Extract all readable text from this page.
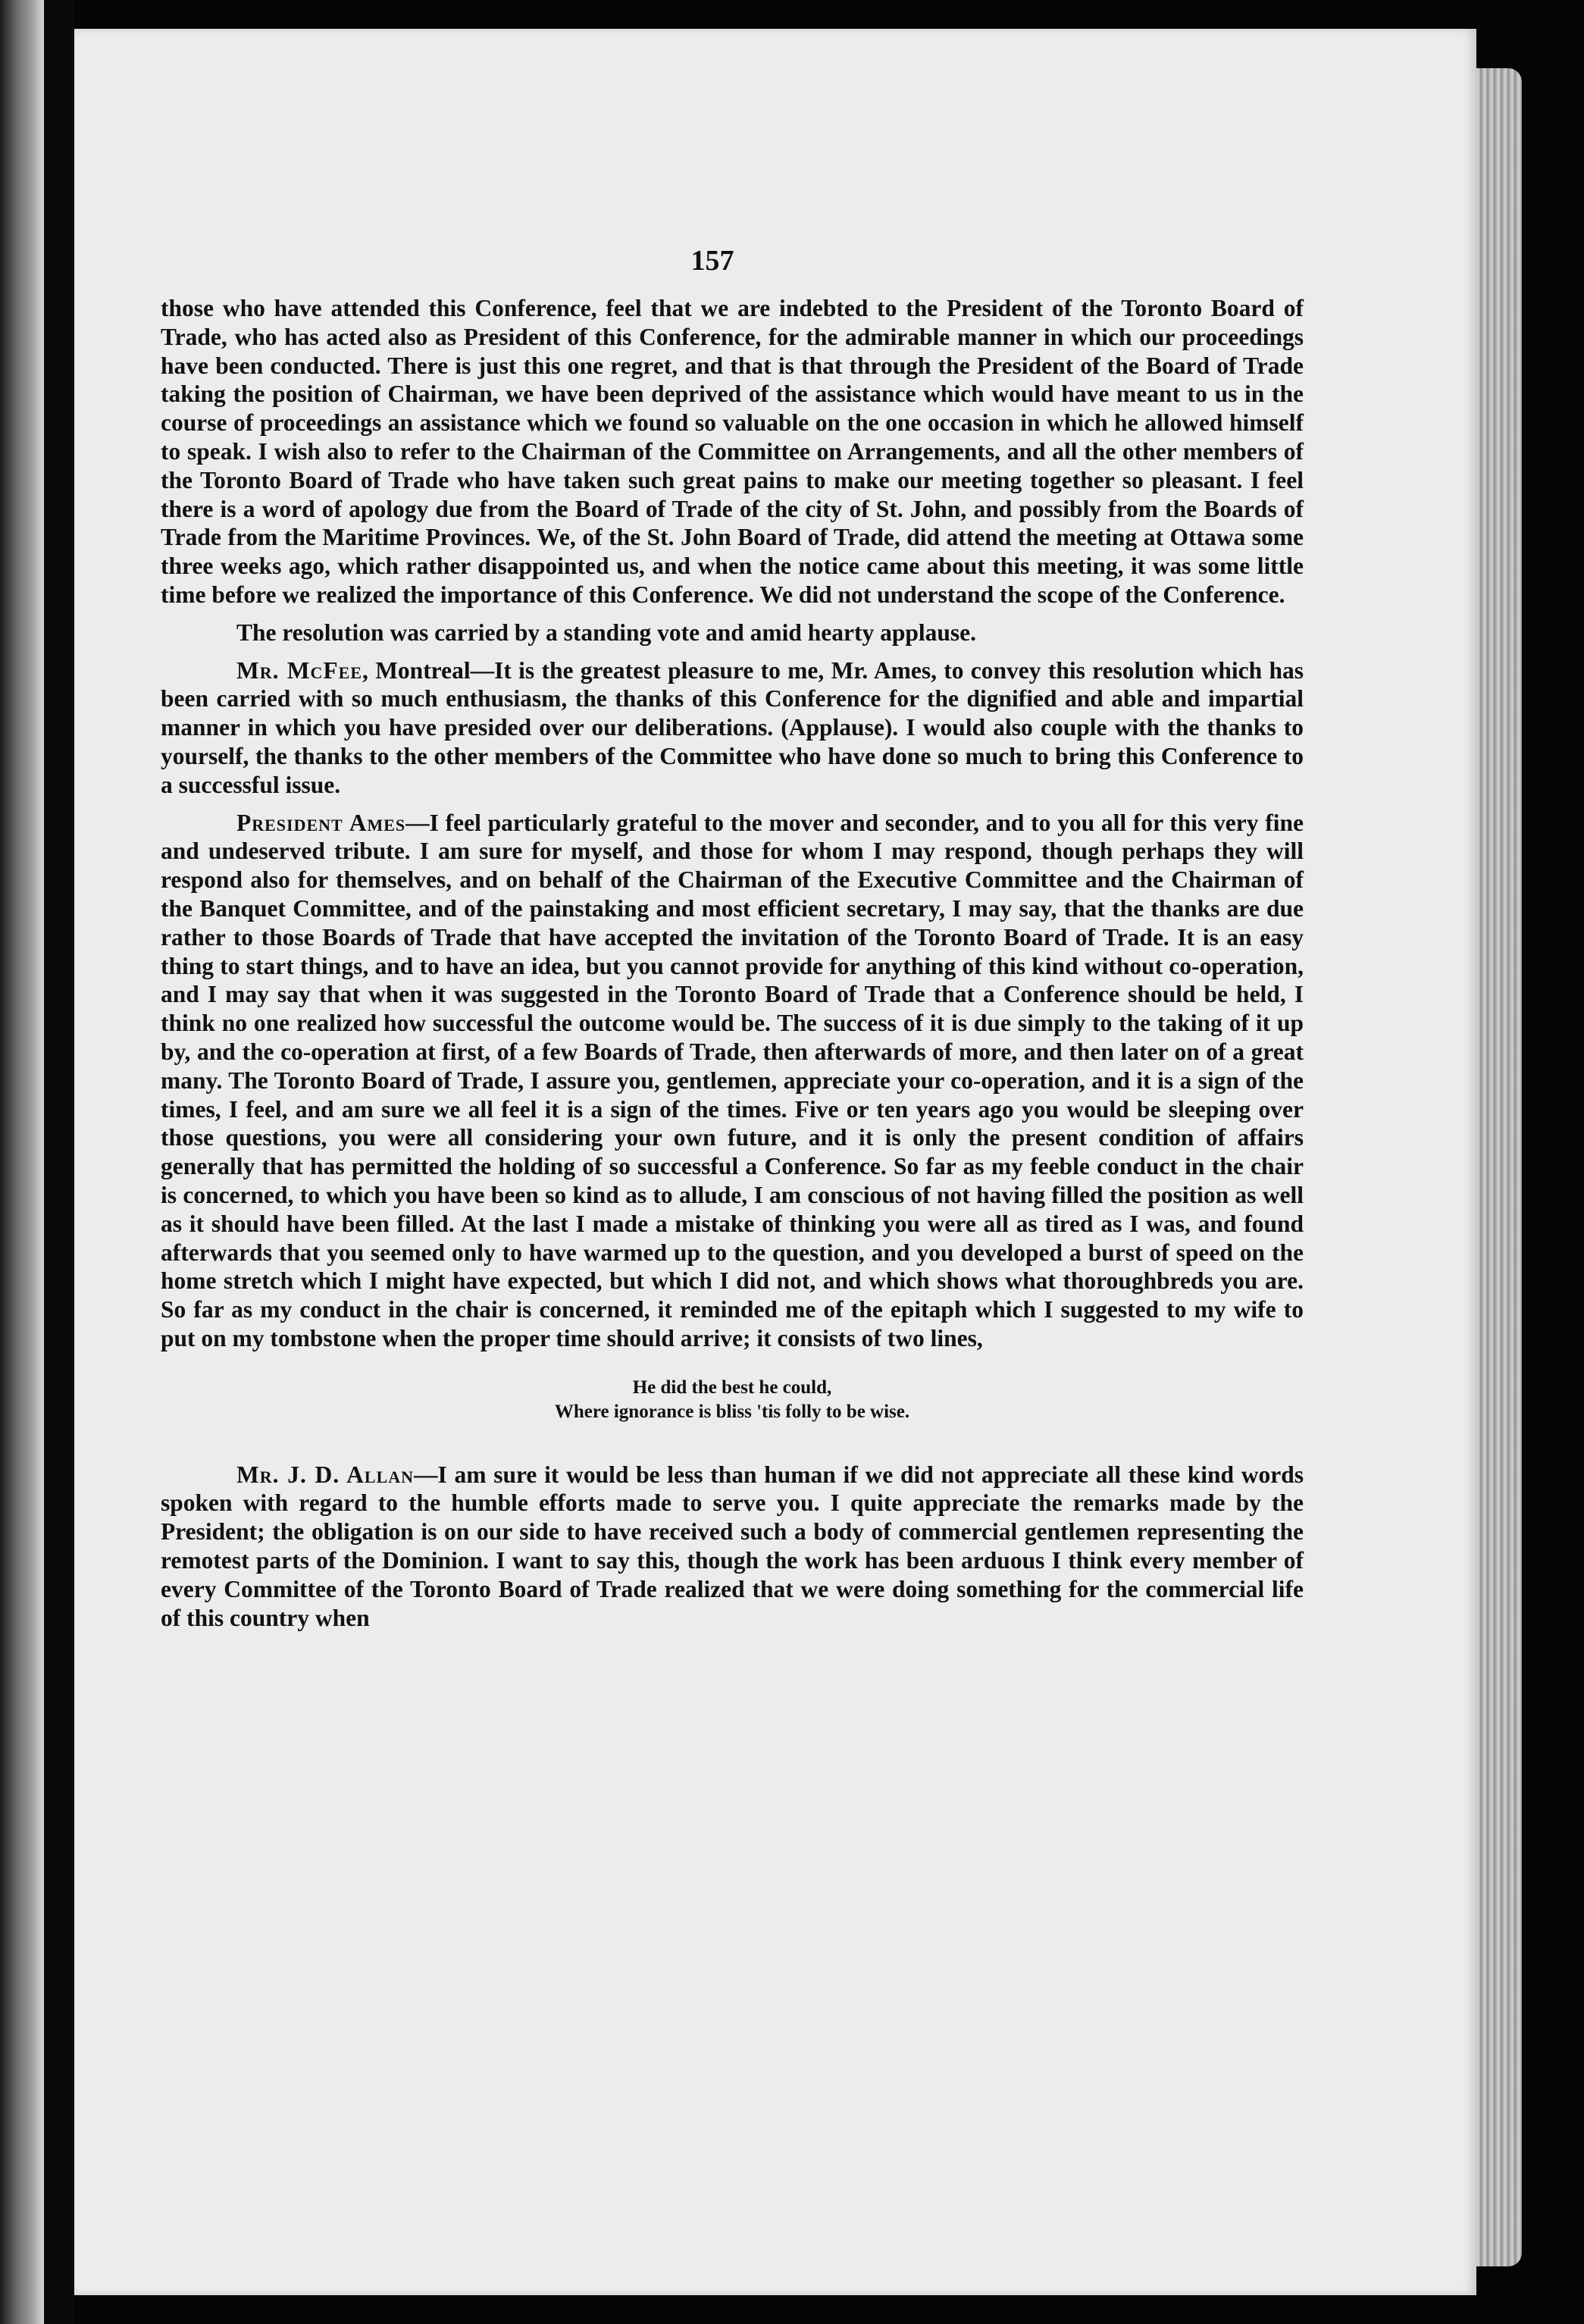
157

those who have attended this Conference, feel that we are indebted to the President of the Toronto Board of Trade, who has acted also as President of this Conference, for the admirable manner in which our proceedings have been conducted. There is just this one regret, and that is that through the President of the Board of Trade taking the position of Chairman, we have been deprived of the assistance which would have meant to us in the course of proceedings an assistance which we found so valuable on the one occasion in which he allowed himself to speak. I wish also to refer to the Chairman of the Committee on Arrangements, and all the other members of the Toronto Board of Trade who have taken such great pains to make our meeting together so pleasant. I feel there is a word of apology due from the Board of Trade of the city of St. John, and possibly from the Boards of Trade from the Maritime Provinces. We, of the St. John Board of Trade, did attend the meeting at Ottawa some three weeks ago, which rather disappointed us, and when the notice came about this meeting, it was some little time before we realized the importance of this Conference. We did not understand the scope of the Conference.

The resolution was carried by a standing vote and amid hearty applause.

Mr. McFee, Montreal—It is the greatest pleasure to me, Mr. Ames, to convey this resolution which has been carried with so much enthusiasm, the thanks of this Conference for the dignified and able and impartial manner in which you have presided over our deliberations. (Applause). I would also couple with the thanks to yourself, the thanks to the other members of the Committee who have done so much to bring this Conference to a successful issue.

President Ames—I feel particularly grateful to the mover and seconder, and to you all for this very fine and undeserved tribute. I am sure for myself, and those for whom I may respond, though perhaps they will respond also for themselves, and on behalf of the Chairman of the Executive Committee and the Chairman of the Banquet Committee, and of the painstaking and most efficient secretary, I may say, that the thanks are due rather to those Boards of Trade that have accepted the invitation of the Toronto Board of Trade. It is an easy thing to start things, and to have an idea, but you cannot provide for anything of this kind without co-operation, and I may say that when it was suggested in the Toronto Board of Trade that a Conference should be held, I think no one realized how successful the outcome would be. The success of it is due simply to the taking of it up by, and the co-operation at first, of a few Boards of Trade, then afterwards of more, and then later on of a great many. The Toronto Board of Trade, I assure you, gentlemen, appreciate your co-operation, and it is a sign of the times, I feel, and am sure we all feel it is a sign of the times. Five or ten years ago you would be sleeping over those questions, you were all considering your own future, and it is only the present condition of affairs generally that has permitted the holding of so successful a Conference. So far as my feeble conduct in the chair is concerned, to which you have been so kind as to allude, I am conscious of not having filled the position as well as it should have been filled. At the last I made a mistake of thinking you were all as tired as I was, and found afterwards that you seemed only to have warmed up to the question, and you developed a burst of speed on the home stretch which I might have expected, but which I did not, and which shows what thoroughbreds you are. So far as my conduct in the chair is concerned, it reminded me of the epitaph which I suggested to my wife to put on my tombstone when the proper time should arrive; it consists of two lines,

He did the best he could,
Where ignorance is bliss 'tis folly to be wise.

Mr. J. D. Allan—I am sure it would be less than human if we did not appreciate all these kind words spoken with regard to the humble efforts made to serve you. I quite appreciate the remarks made by the President; the obligation is on our side to have received such a body of commercial gentlemen representing the remotest parts of the Dominion. I want to say this, though the work has been arduous I think every member of every Committee of the Toronto Board of Trade realized that we were doing something for the commercial life of this country when
